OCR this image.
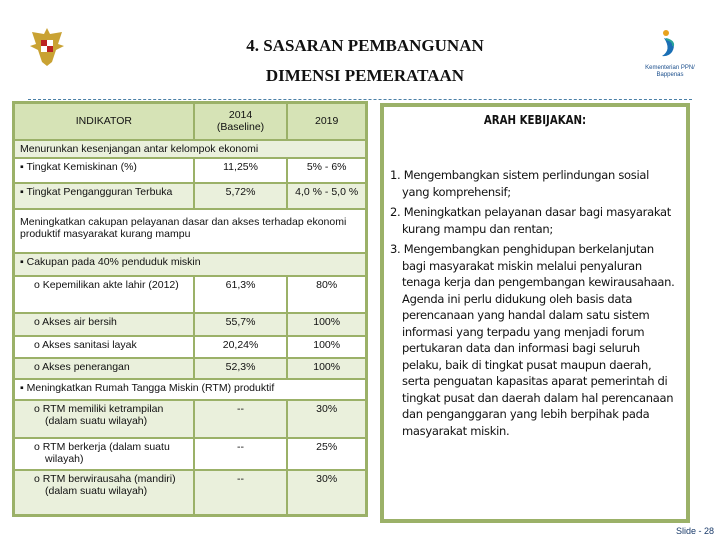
4. SASARAN PEMBANGUNAN
DIMENSI PEMERATAAN	Kementerian PPN/ Bappenas
INDIKATOR	2014 (Baseline)	2019
Menurunkan kesenjangan antar kelompok ekonomi		
▪ Tingkat Kemiskinan (%)	11,25%	5% - 6%
▪ Tingkat Pengangguran Terbuka	5,72%	4,0 % - 5,0 %
Meningkatkan cakupan pelayanan dasar dan akses terhadap ekonomi produktif masyarakat kurang mampu		
▪ Cakupan pada 40% penduduk miskin		
o Kepemilikan akte lahir (2012)	61,3%	80%
o Akses air bersih	55,7%	100%
o Akses sanitasi layak	20,24%	100%
o Akses penerangan	52,3%	100%
▪ Meningkatkan Rumah Tangga Miskin (RTM) produktif		
o RTM memiliki ketrampilan (dalam suatu wilayah)	--	30%
o RTM berkerja (dalam suatu wilayah)	--	25%
o RTM berwirausaha (mandiri) (dalam suatu wilayah)	--	30%
ARAH KEBIJAKAN:
1. Mengembangkan sistem perlindungan sosial yang komprehensif;
2. Meningkatkan pelayanan dasar bagi masyarakat kurang mampu dan rentan;
3. Mengembangkan penghidupan berkelanjutan bagi masyarakat miskin melalui penyaluran tenaga kerja dan pengembangan kewirausahaan. Agenda ini perlu didukung oleh basis data perencanaan yang handal dalam satu sistem informasi yang terpadu yang menjadi forum pertukaran data dan informasi bagi seluruh pelaku, baik di tingkat pusat maupun daerah, serta penguatan kapasitas aparat pemerintah di tingkat pusat dan daerah dalam hal perencanaan dan penganggaran yang lebih berpihak pada masyarakat miskin.
Slide - 28
